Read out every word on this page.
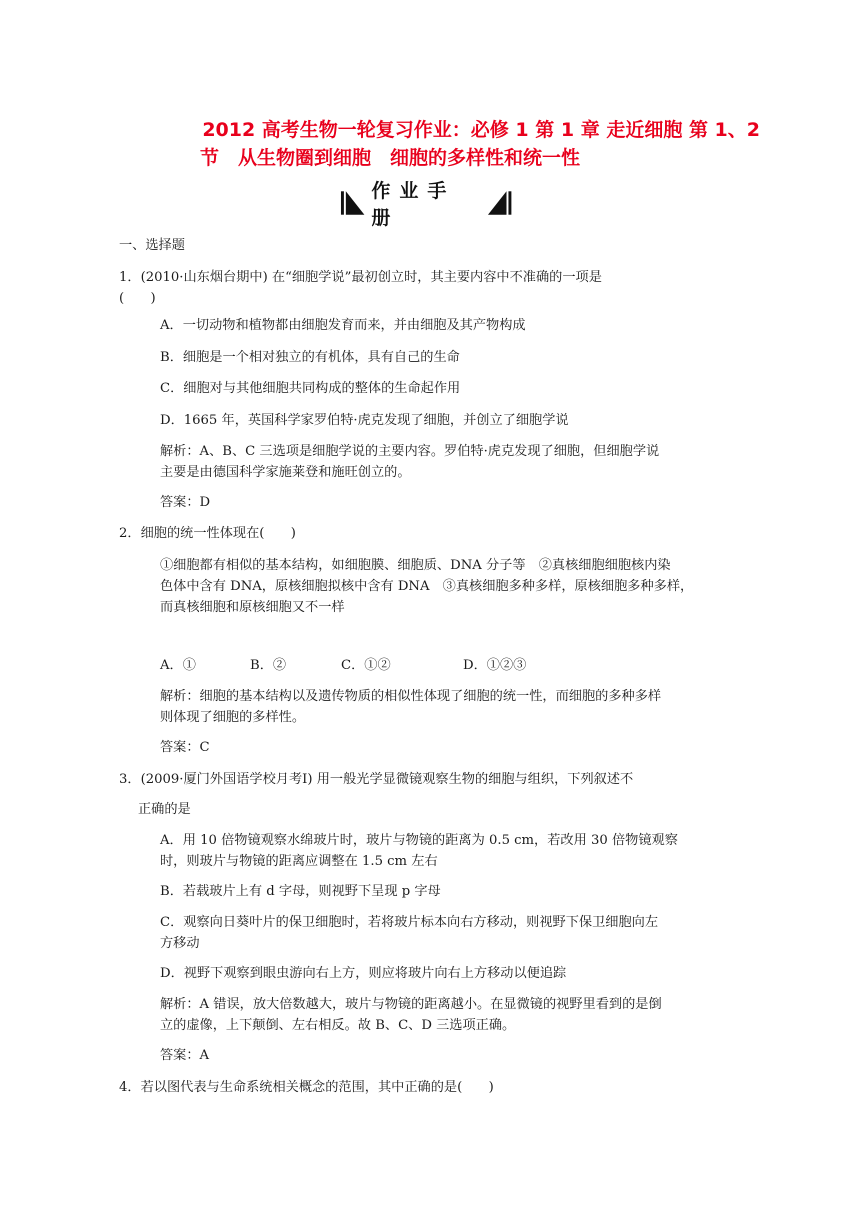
2012 高考生物一轮复习作业：必修 1 第 1 章 走近细胞 第 1、2
节　从生物圈到细胞　细胞的多样性和统一性
作业手册
一、选择题
1．(2010·山东烟台期中) 在“细胞学说”最初创立时，其主要内容中不准确的一项是
(　　)
A．一切动物和植物都由细胞发育而来，并由细胞及其产物构成
B．细胞是一个相对独立的有机体，具有自己的生命
C．细胞对与其他细胞共同构成的整体的生命起作用
D．1665 年，英国科学家罗伯特·虎克发现了细胞，并创立了细胞学说
解析：A、B、C 三选项是细胞学说的主要内容。罗伯特·虎克发现了细胞，但细胞学说
主要是由德国科学家施莱登和施旺创立的。
答案：D
2．细胞的统一性体现在(　　)
①细胞都有相似的基本结构，如细胞膜、细胞质、DNA 分子等　②真核细胞细胞核内染
色体中含有 DNA，原核细胞拟核中含有 DNA　③真核细胞多种多样，原核细胞多种多样，
而真核细胞和原核细胞又不一样
A．①	B．②	C．①②	D．①②③
解析：细胞的基本结构以及遗传物质的相似性体现了细胞的统一性，而细胞的多种多样
则体现了细胞的多样性。
答案：C
3．(2009·厦门外国语学校月考Ⅰ) 用一般光学显微镜观察生物的细胞与组织，下列叙述不
正确的是
A．用 10 倍物镜观察水绵玻片时，玻片与物镜的距离为 0.5 cm，若改用 30 倍物镜观察
时，则玻片与物镜的距离应调整在 1.5 cm 左右
B．若载玻片上有 d 字母，则视野下呈现 p 字母
C．观察向日葵叶片的保卫细胞时，若将玻片标本向右方移动，则视野下保卫细胞向左
方移动
D．视野下观察到眼虫游向右上方，则应将玻片向右上方移动以便追踪
解析：A 错误，放大倍数越大，玻片与物镜的距离越小。在显微镜的视野里看到的是倒
立的虚像，上下颠倒、左右相反。故 B、C、D 三选项正确。
答案：A
4．若以图代表与生命系统相关概念的范围，其中正确的是(　　)
